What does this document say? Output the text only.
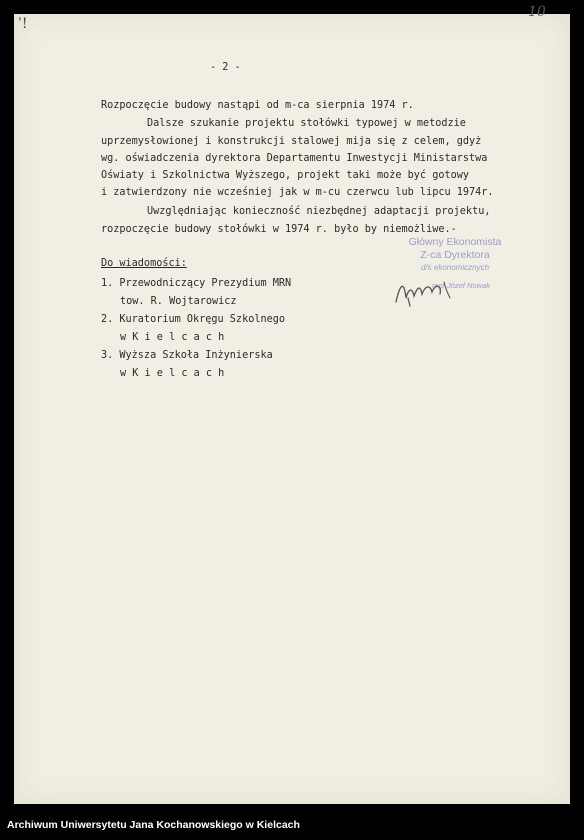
ˈ!
10
- 2 -
Rozpoczęcie budowy nastąpi od m-ca sierpnia 1974 r.
Dalsze szukanie projektu stołówki typowej w metodzie
uprzemysłowionej i konstrukcji stalowej mija się z celem, gdyż
wg. oświadczenia dyrektora Departamentu Inwestycji Ministarstwa
Oświaty i Szkolnictwa Wyższego, projekt taki może być gotowy
i zatwierdzony nie wcześniej jak w m-cu czerwcu lub lipcu 1974r.
Uwzględniając konieczność niezbędnej adaptacji projektu,
rozpoczęcie budowy stołówki w 1974 r. było by niemożliwe.-
Do wiadomości:
1. Przewodniczący Prezydium MRN
tow. R. Wojtarowicz
2. Kuratorium Okręgu Szkolnego
w K i e l c a c h
3. Wyższa Szkoła Inżynierska
w K i e l c a c h
Główny Ekonomista
Z-ca Dyrektora
d/s ekonomicznych
mgr Józef Nowak
Archiwum Uniwersytetu Jana Kochanowskiego w Kielcach
